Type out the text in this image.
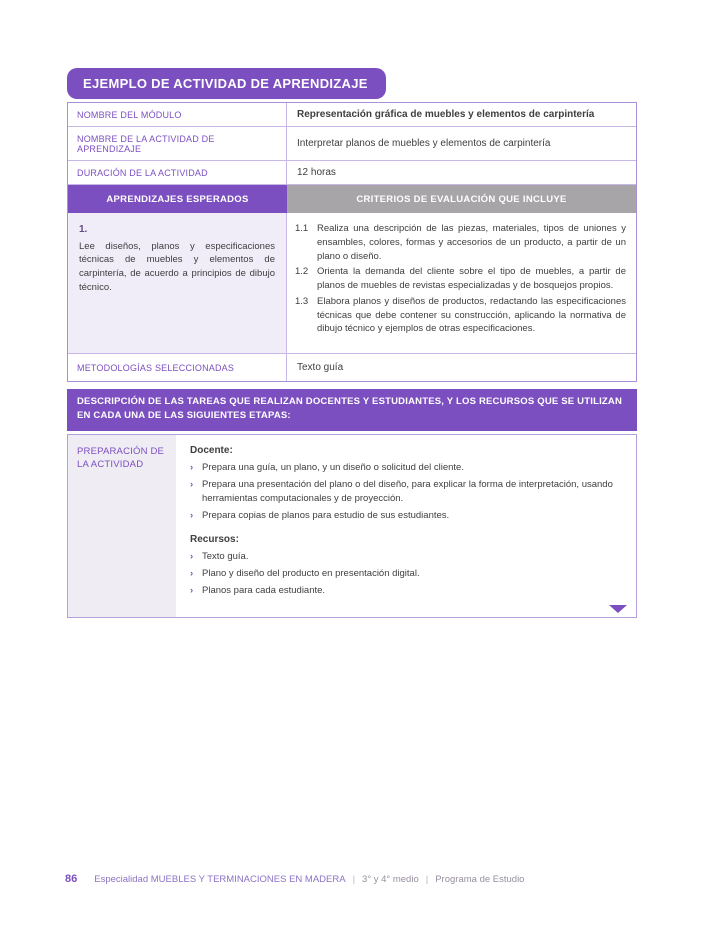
EJEMPLO DE ACTIVIDAD DE APRENDIZAJE
NOMBRE DEL MÓDULO	Representación gráfica de muebles y elementos de carpintería
NOMBRE DE LA ACTIVIDAD DE APRENDIZAJE	Interpretar planos de muebles y elementos de carpintería
DURACIÓN DE LA ACTIVIDAD	12 horas
APRENDIZAJES ESPERADOS	CRITERIOS DE EVALUACIÓN QUE INCLUYE
1.
Lee diseños, planos y especificaciones técnicas de muebles y elementos de carpintería, de acuerdo a principios de dibujo técnico.
1.1 Realiza una descripción de las piezas, materiales, tipos de uniones y ensambles, colores, formas y accesorios de un producto, a partir de un plano o diseño.
1.2 Orienta la demanda del cliente sobre el tipo de muebles, a partir de planos de muebles de revistas especializadas y de bosquejos propios.
1.3 Elabora planos y diseños de productos, redactando las especificaciones técnicas que debe contener su construcción, aplicando la normativa de dibujo técnico y ejemplos de otras especificaciones.
METODOLOGÍAS SELECCIONADAS	Texto guía
DESCRIPCIÓN DE LAS TAREAS QUE REALIZAN DOCENTES Y ESTUDIANTES, Y LOS RECURSOS QUE SE UTILIZAN EN CADA UNA DE LAS SIGUIENTES ETAPAS:
PREPARACIÓN DE LA ACTIVIDAD
Docente:
› Prepara una guía, un plano, y un diseño o solicitud del cliente.
› Prepara una presentación del plano o del diseño, para explicar la forma de interpretación, usando herramientas computacionales y de proyección.
› Prepara copias de planos para estudio de sus estudiantes.
Recursos:
› Texto guía.
› Plano y diseño del producto en presentación digital.
› Planos para cada estudiante.
86 Especialidad MUEBLES Y TERMINACIONES EN MADERA | 3° y 4° medio | Programa de Estudio
